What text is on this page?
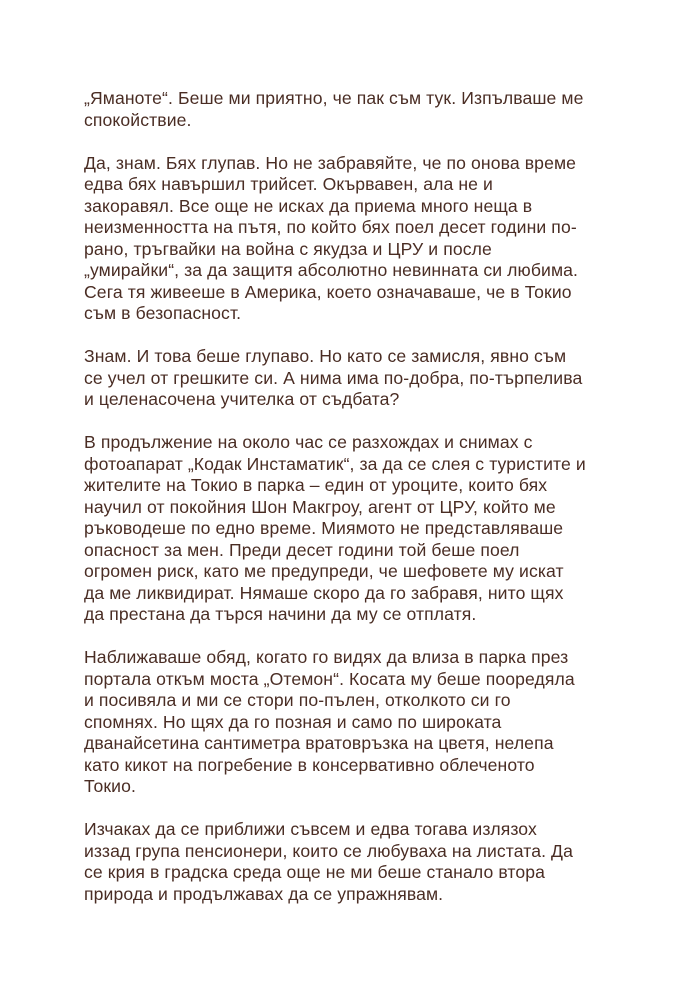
„Яманоте“. Беше ми приятно, че пак съм тук. Изпълваше ме
спокойствие.

Да, знам. Бях глупав. Но не забравяйте, че по онова време
едва бях навършил трийсет. Окървавен, ала не и
закоравял. Все още не исках да приема много неща в
неизменността на пътя, по който бях поел десет години по-
рано, тръгвайки на война с якудза и ЦРУ и после
„умирайки“, за да защитя абсолютно невинната си любима.
Сега тя живееше в Америка, което означаваше, че в Токио
съм в безопасност.

Знам. И това беше глупаво. Но като се замисля, явно съм
се учел от грешките си. А нима има по-добра, по-търпелива
и целенасочена учителка от съдбата?

В продължение на около час се разхождах и снимах с
фотоапарат „Кодак Инстаматик“, за да се слея с туристите и
жителите на Токио в парка – един от уроците, които бях
научил от покойния Шон Макгроу, агент от ЦРУ, който ме
ръководеше по едно време. Миямото не представляваше
опасност за мен. Преди десет години той беше поел
огромен риск, като ме предупреди, че шефовете му искат
да ме ликвидират. Нямаше скоро да го забравя, нито щях
да престана да търся начини да му се отплатя.

Наближаваше обяд, когато го видях да влиза в парка през
портала откъм моста „Отемон“. Косата му беше пооредяла
и посивяла и ми се стори по-пълен, отколкото си го
спомнях. Но щях да го позная и само по широката
дванайсетина сантиметра вратовръзка на цветя, нелепа
като кикот на погребение в консервативно облеченото
Токио.

Изчаках да се приближи съвсем и едва тогава излязох
иззад група пенсионери, които се любуваха на листата. Да
се крия в градска среда още не ми беше станало втора
природа и продължавах да се упражнявам.
